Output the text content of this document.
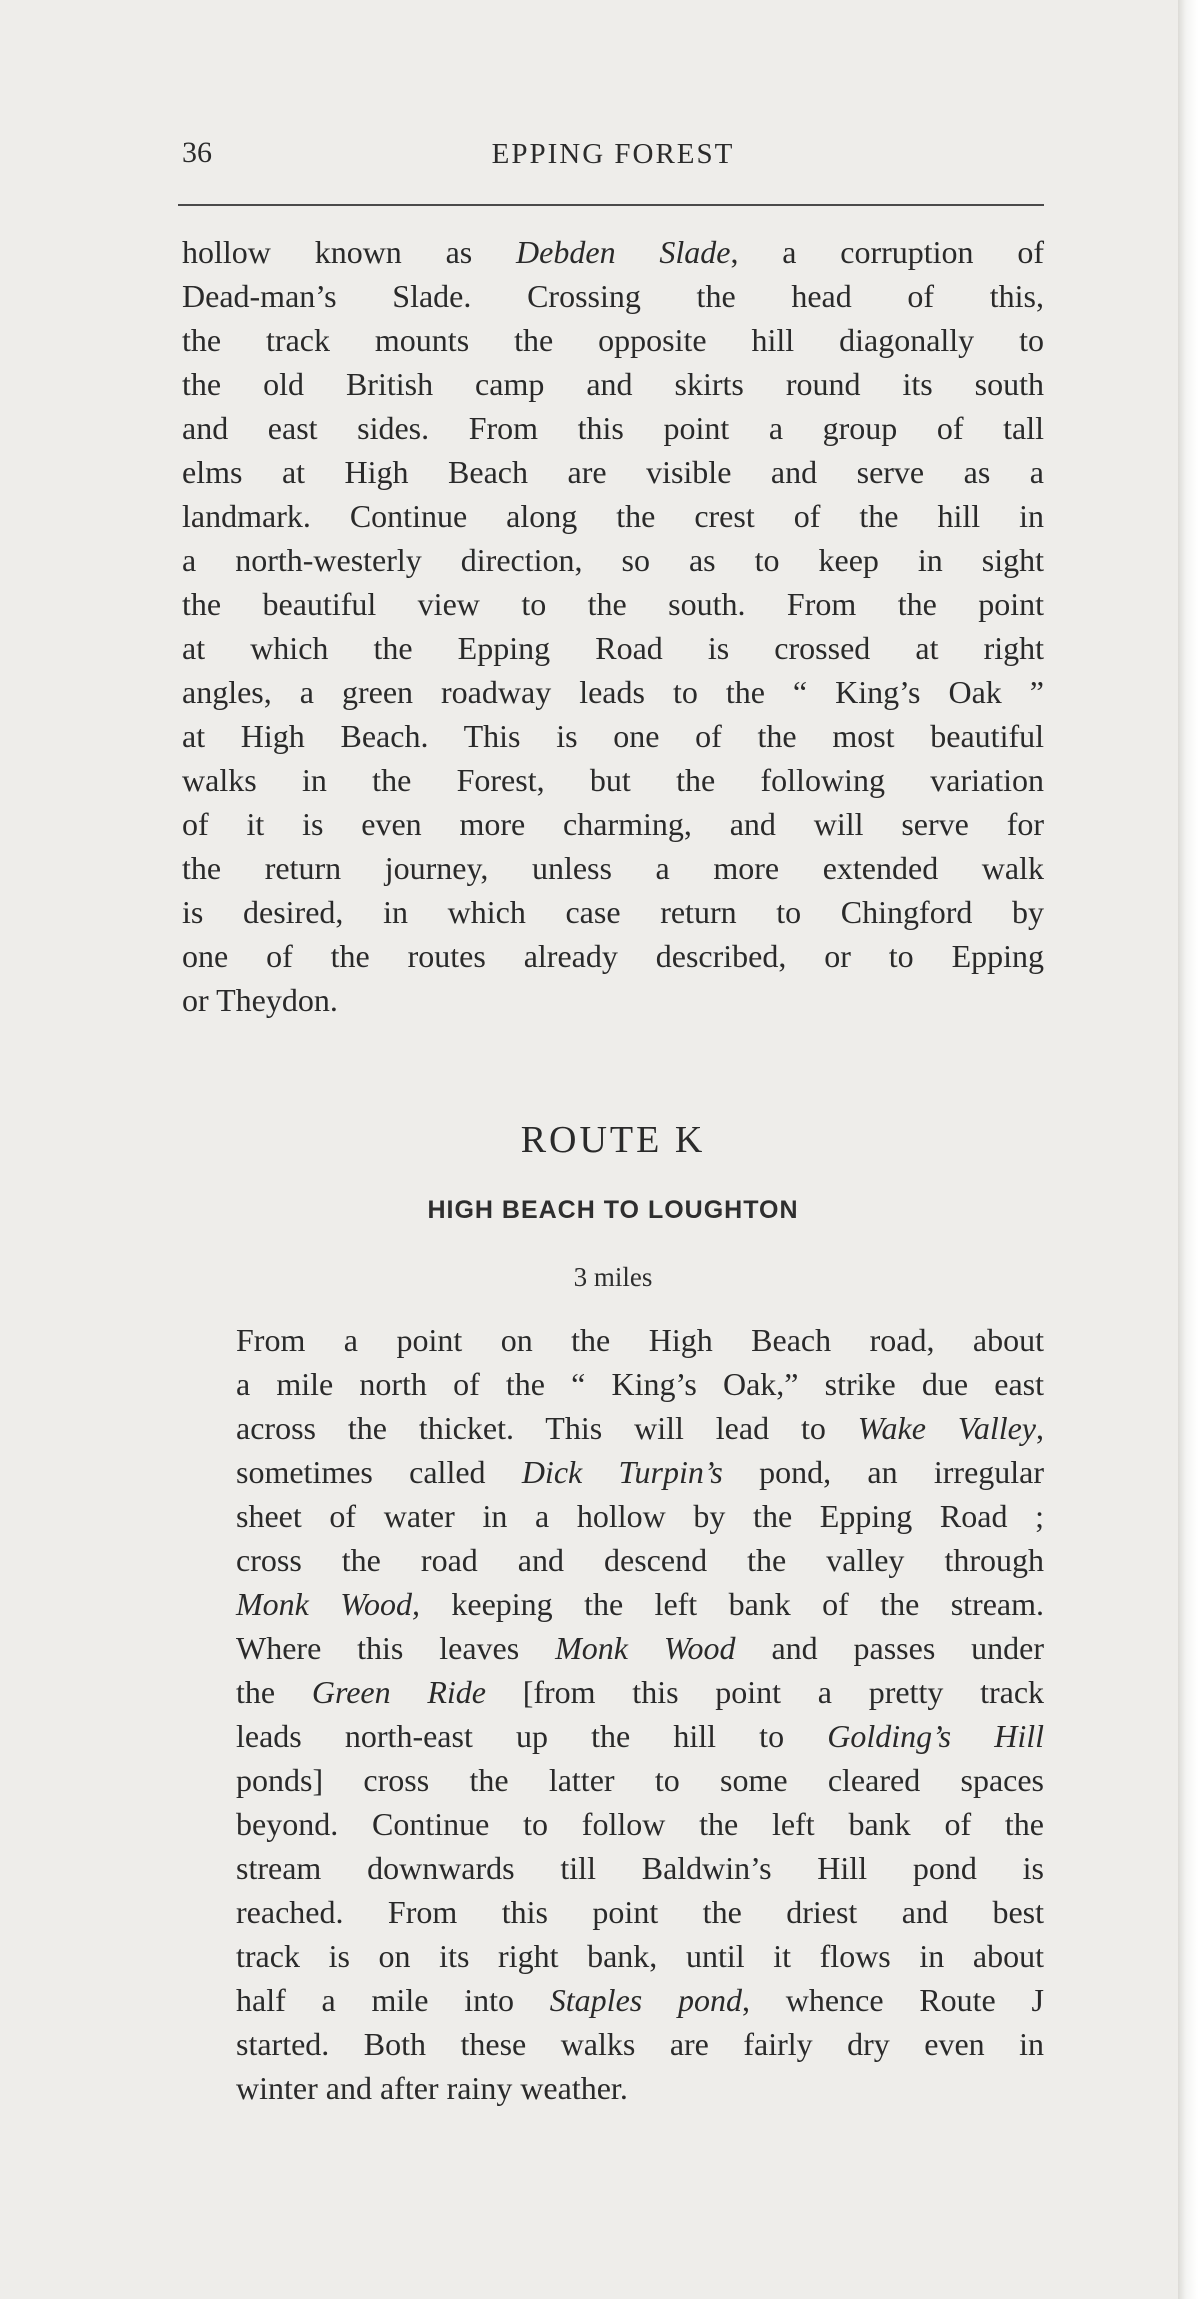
36	EPPING FOREST
hollow known as Debden Slade, a corruption of
Dead-man’s Slade. Crossing the head of this,
the track mounts the opposite hill diagonally to
the old British camp and skirts round its south
and east sides. From this point a group of tall
elms at High Beach are visible and serve as a
landmark. Continue along the crest of the hill in
a north-westerly direction, so as to keep in sight
the beautiful view to the south. From the point
at which the Epping Road is crossed at right
angles, a green roadway leads to the “ King’s Oak ”
at High Beach. This is one of the most beautiful
walks in the Forest, but the following variation
of it is even more charming, and will serve for
the return journey, unless a more extended walk
is desired, in which case return to Chingford by
one of the routes already described, or to Epping
or Theydon.
ROUTE K
HIGH BEACH TO LOUGHTON
3 miles
From a point on the High Beach road, about
a mile north of the “ King’s Oak,” strike due east
across the thicket. This will lead to Wake Valley,
sometimes called Dick Turpin’s pond, an irregular
sheet of water in a hollow by the Epping Road ;
cross the road and descend the valley through
Monk Wood, keeping the left bank of the stream.
Where this leaves Monk Wood and passes under
the Green Ride [from this point a pretty track
leads north-east up the hill to Golding’s Hill
ponds] cross the latter to some cleared spaces
beyond. Continue to follow the left bank of the
stream downwards till Baldwin’s Hill pond is
reached. From this point the driest and best
track is on its right bank, until it flows in about
half a mile into Staples pond, whence Route J
started. Both these walks are fairly dry even in
winter and after rainy weather.
